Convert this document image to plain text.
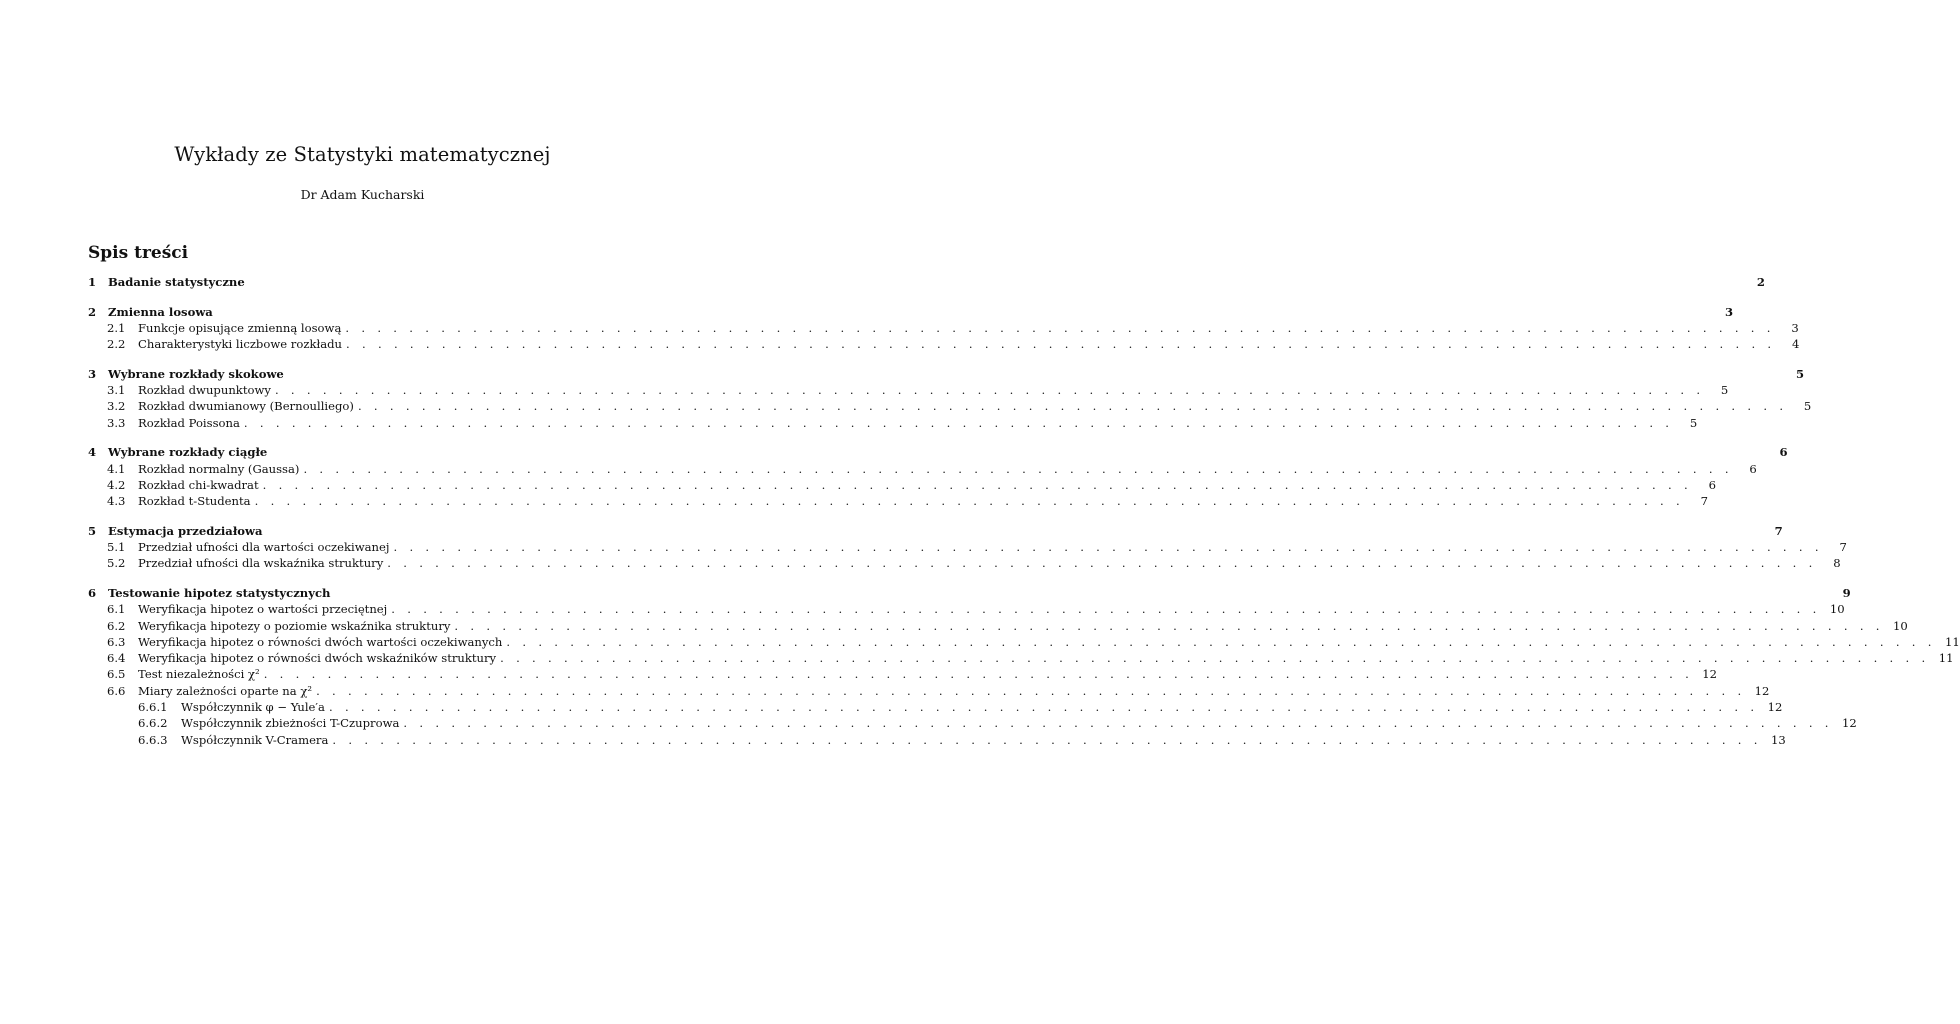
Wykłady ze Statystyki matematycznej
Dr Adam Kucharski
Spis treści
1	Badanie statystyczne	2
2	Zmienna losowa	3
2.1	Funkcje opisujące zmienną losową . . . . . . . . . . . . . . . . . . . . . . . . . . . . . . . . . . . . . . . . . . . . . . . . . . . . . . . . . . . . . . . . . . . . . . . . . . . . . . . . . . . . . . . . . .	3
2.2	Charakterystyki liczbowe rozkładu . . . . . . . . . . . . . . . . . . . . . . . . . . . . . . . . . . . . . . . . . . . . . . . . . . . . . . . . . . . . . . . . . . . . . . . . . . . . . . . . . . . . . . . . . .	4
3	Wybrane rozkłady skokowe	5
3.1	Rozkład dwupunktowy . . . . . . . . . . . . . . . . . . . . . . . . . . . . . . . . . . . . . . . . . . . . . . . . . . . . . . . . . . . . . . . . . . . . . . . . . . . . . . . . . . . . . . . . . .	5
3.2	Rozkład dwumianowy (Bernoulliego) . . . . . . . . . . . . . . . . . . . . . . . . . . . . . . . . . . . . . . . . . . . . . . . . . . . . . . . . . . . . . . . . . . . . . . . . . . . . . . . . . . . . . . . . . .	5
3.3	Rozkład Poissona . . . . . . . . . . . . . . . . . . . . . . . . . . . . . . . . . . . . . . . . . . . . . . . . . . . . . . . . . . . . . . . . . . . . . . . . . . . . . . . . . . . . . . . . . .	5
4	Wybrane rozkłady ciągłe	6
4.1	Rozkład normalny (Gaussa) . . . . . . . . . . . . . . . . . . . . . . . . . . . . . . . . . . . . . . . . . . . . . . . . . . . . . . . . . . . . . . . . . . . . . . . . . . . . . . . . . . . . . . . . . .	6
4.2	Rozkład chi-kwadrat . . . . . . . . . . . . . . . . . . . . . . . . . . . . . . . . . . . . . . . . . . . . . . . . . . . . . . . . . . . . . . . . . . . . . . . . . . . . . . . . . . . . . . . . . .	6
4.3	Rozkład t-Studenta . . . . . . . . . . . . . . . . . . . . . . . . . . . . . . . . . . . . . . . . . . . . . . . . . . . . . . . . . . . . . . . . . . . . . . . . . . . . . . . . . . . . . . . . . .	7
5	Estymacja przedziałowa	7
5.1	Przedział ufności dla wartości oczekiwanej . . . . . . . . . . . . . . . . . . . . . . . . . . . . . . . . . . . . . . . . . . . . . . . . . . . . . . . . . . . . . . . . . . . . . . . . . . . . . . . . . . . . . . . . . .	7
5.2	Przedział ufności dla wskaźnika struktury . . . . . . . . . . . . . . . . . . . . . . . . . . . . . . . . . . . . . . . . . . . . . . . . . . . . . . . . . . . . . . . . . . . . . . . . . . . . . . . . . . . . . . . . . .	8
6	Testowanie hipotez statystycznych	9
6.1	Weryfikacja hipotez o wartości przeciętnej . . . . . . . . . . . . . . . . . . . . . . . . . . . . . . . . . . . . . . . . . . . . . . . . . . . . . . . . . . . . . . . . . . . . . . . . . . . . . . . . . . . . . . . . . . 10
6.2	Weryfikacja hipotezy o poziomie wskaźnika struktury . . . . . . . . . . . . . . . . . . . . . . . . . . . . . . . . . . . . . . . . . . . . . . . . . . . . . . . . . . . . . . . . . . . . . . . . . . . . . . . . . . . . . . . . . . 10
6.3	Weryfikacja hipotez o równości dwóch wartości oczekiwanych . . . . . . . . . . . . . . . . . . . . . . . . . . . . . . . . . . . . . . . . . . . . . . . . . . . . . . . . . . . . . . . . . . . . . . . . . . . . . . . . . . . . . . . . . . 11
6.4	Weryfikacja hipotez o równości dwóch wskaźników struktury . . . . . . . . . . . . . . . . . . . . . . . . . . . . . . . . . . . . . . . . . . . . . . . . . . . . . . . . . . . . . . . . . . . . . . . . . . . . . . . . . . . . . . . . . . 11
6.5	Test niezależności χ² . . . . . . . . . . . . . . . . . . . . . . . . . . . . . . . . . . . . . . . . . . . . . . . . . . . . . . . . . . . . . . . . . . . . . . . . . . . . . . . . . . . . . . . . . . 12
6.6	Miary zależności oparte na χ² . . . . . . . . . . . . . . . . . . . . . . . . . . . . . . . . . . . . . . . . . . . . . . . . . . . . . . . . . . . . . . . . . . . . . . . . . . . . . . . . . . . . . . . . . . 12
6.6.1	Współczynnik φ − Yule′a . . . . . . . . . . . . . . . . . . . . . . . . . . . . . . . . . . . . . . . . . . . . . . . . . . . . . . . . . . . . . . . . . . . . . . . . . . . . . . . . . . . . . . . . . . 12
6.6.2	Współczynnik zbieżności T-Czuprowa . . . . . . . . . . . . . . . . . . . . . . . . . . . . . . . . . . . . . . . . . . . . . . . . . . . . . . . . . . . . . . . . . . . . . . . . . . . . . . . . . . . . . . . . . . 12
6.6.3	Współczynnik V-Cramera . . . . . . . . . . . . . . . . . . . . . . . . . . . . . . . . . . . . . . . . . . . . . . . . . . . . . . . . . . . . . . . . . . . . . . . . . . . . . . . . . . . . . . . . . . 13
